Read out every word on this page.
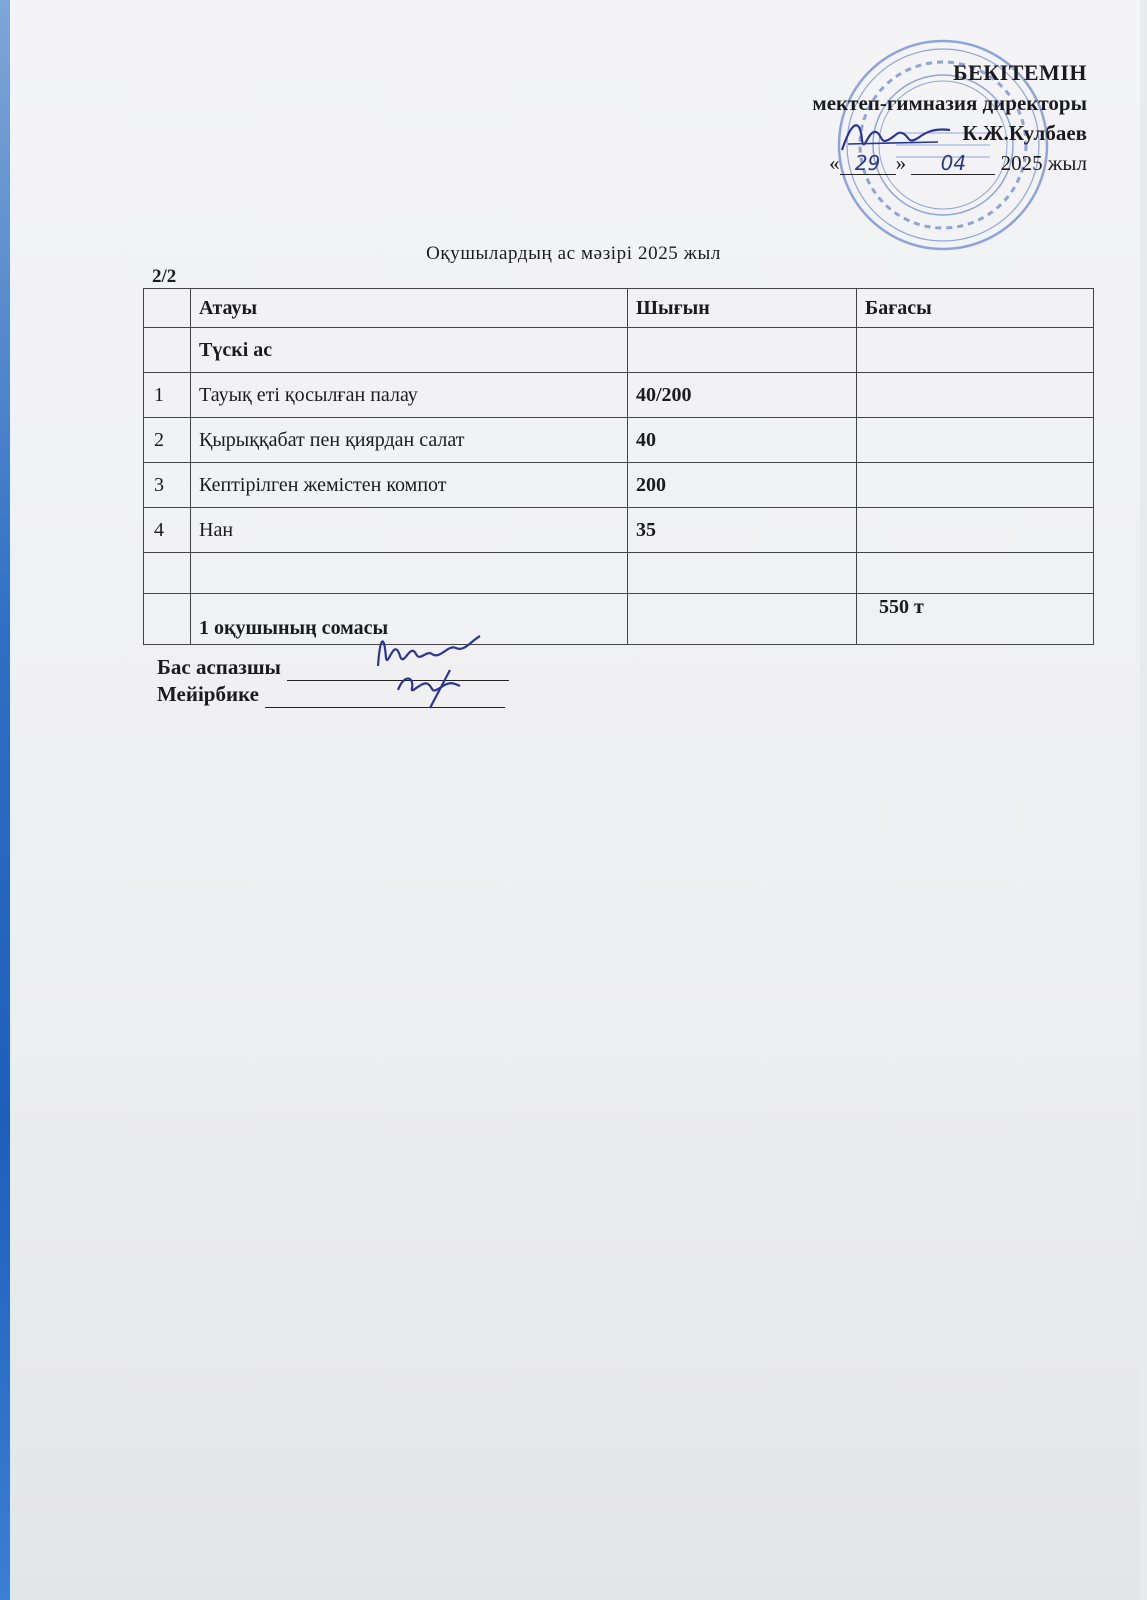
БЕКІТЕМІН
мектеп-гимназия директоры
К.Ж.Кулбаев
« 29 » 04 2025 жыл
Оқушылардың ас мәзірі 2025 жыл
2/2
	Атауы	Шығын	Бағасы
	Түскі ас		
1	Тауық еті қосылған палау	40/200	
2	Қырыққабат пен қиярдан салат	40	
3	Кептірілген жемістен компот	200	
4	Нан	35	

	1 оқушының сомасы		550 т
Бас аспазшы
Мейірбике
